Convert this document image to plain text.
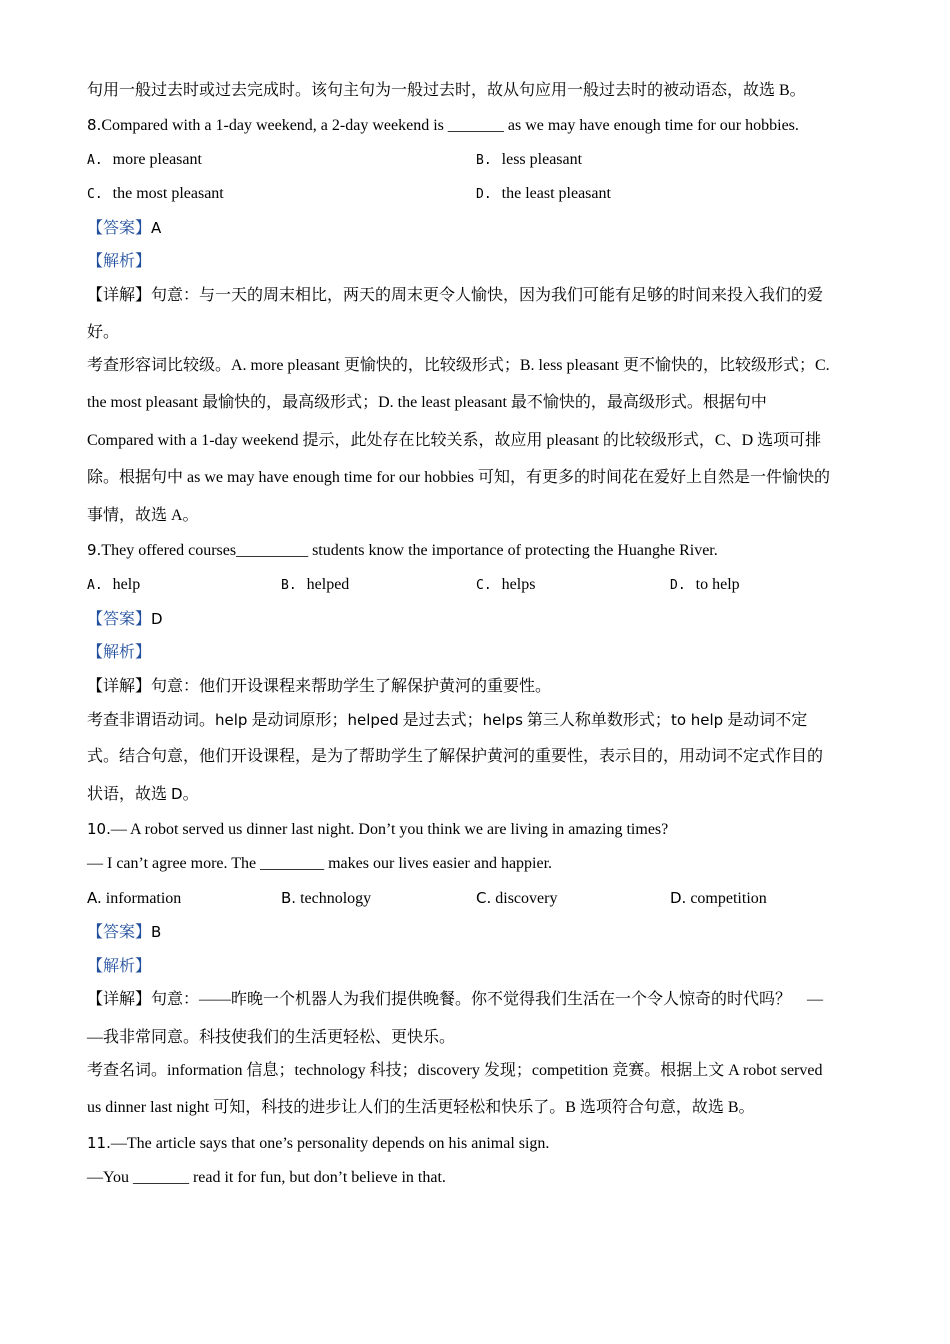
句用一般过去时或过去完成时。该句主句为一般过去时，故从句应用一般过去时的被动语态，故选 B。
8.Compared with a 1-day weekend, a 2-day weekend is _______ as we may have enough time for our hobbies.
A. more pleasant	B. less pleasant
C. the most pleasant	D. the least pleasant
【答案】A
【解析】
【详解】句意：与一天的周末相比，两天的周末更令人愉快，因为我们可能有足够的时间来投入我们的爱
好。
考查形容词比较级。A. more pleasant 更愉快的，比较级形式；B. less pleasant 更不愉快的，比较级形式；C.
the most pleasant 最愉快的，最高级形式；D. the least pleasant 最不愉快的，最高级形式。根据句中
Compared with a 1-day weekend 提示，此处存在比较关系，故应用 pleasant 的比较级形式，C、D 选项可排
除。根据句中 as we may have enough time for our hobbies 可知，有更多的时间花在爱好上自然是一件愉快的
事情，故选 A。
9.They offered courses_________ students know the importance of protecting the Huanghe River.
A. help	B. helped	C. helps	D. to help
【答案】D
【解析】
【详解】句意：他们开设课程来帮助学生了解保护黄河的重要性。
考查非谓语动词。help 是动词原形；helped 是过去式；helps 第三人称单数形式；to help 是动词不定
式。结合句意，他们开设课程，是为了帮助学生了解保护黄河的重要性，表示目的，用动词不定式作目的
状语，故选 D。
10.— A robot served us dinner last night. Don’t you think we are living in amazing times?
— I can’t agree more. The ________ makes our lives easier and happier.
A. information	B. technology	C. discovery	D. competition
【答案】B
【解析】
【详解】句意：——昨晚一个机器人为我们提供晚餐。你不觉得我们生活在一个令人惊奇的时代吗？　—
—我非常同意。科技使我们的生活更轻松、更快乐。
考查名词。information 信息；technology 科技；discovery 发现；competition 竞赛。根据上文 A robot served
us dinner last night 可知，科技的进步让人们的生活更轻松和快乐了。B 选项符合句意，故选 B。
11.—The article says that one’s personality depends on his animal sign.
—You _______ read it for fun, but don’t believe in that.
